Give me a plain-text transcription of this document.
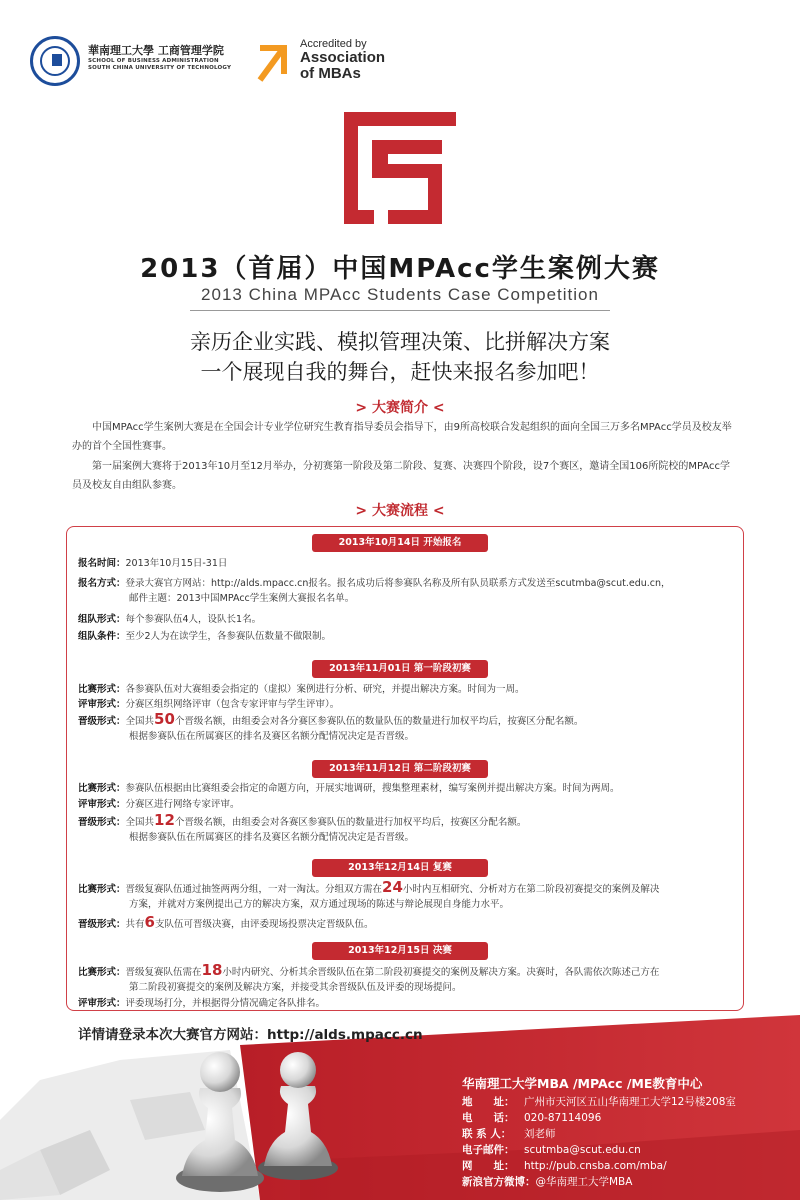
華南理工大學 工商管理学院
SCHOOL OF BUSINESS ADMINISTRATION
SOUTH CHINA UNIVERSITY OF TECHNOLOGY
Accredited by
Association
of MBAs
2013（首届）中国MPAcc学生案例大赛
2013 China MPAcc Students Case Competition
亲历企业实践、模拟管理决策、比拼解决方案
一个展现自我的舞台，赶快来报名参加吧！
> 大赛简介 <
中国MPAcc学生案例大赛是在全国会计专业学位研究生教育指导委员会指导下，由9所高校联合发起组织的面向全国三万多名MPAcc学员及校友举办的首个全国性赛事。
第一届案例大赛将于2013年10月至12月举办，分初赛第一阶段及第二阶段、复赛、决赛四个阶段，设7个赛区，邀请全国106所院校的MPAcc学员及校友自由组队参赛。
> 大赛流程 <
2013年10月14日 开始报名
报名时间：2013年10月15日-31日
报名方式：登录大赛官方网站：http://alds.mpacc.cn报名。报名成功后将参赛队名称及所有队员联系方式发送至scutmba@scut.edu.cn，
邮件主题：2013中国MPAcc学生案例大赛报名名单。
组队形式：每个参赛队伍4人，设队长1名。
组队条件：至少2人为在读学生，各参赛队伍数量不做限制。
2013年11月01日 第一阶段初赛
比赛形式：各参赛队伍对大赛组委会指定的（虚拟）案例进行分析、研究，并提出解决方案。时间为一周。
评审形式：分赛区组织网络评审（包含专家评审与学生评审）。
晋级形式：全国共50个晋级名额，由组委会对各分赛区参赛队伍的数量队伍的数量进行加权平均后，按赛区分配名额。
根据参赛队伍在所属赛区的排名及赛区名额分配情况决定是否晋级。
2013年11月12日 第二阶段初赛
比赛形式：参赛队伍根据由比赛组委会指定的命题方向，开展实地调研，搜集整理素材，编写案例并提出解决方案。时间为两周。
评审形式：分赛区进行网络专家评审。
晋级形式：全国共12个晋级名额，由组委会对各赛区参赛队伍的数量进行加权平均后，按赛区分配名额。
根据参赛队伍在所属赛区的排名及赛区名额分配情况决定是否晋级。
2013年12月14日 复赛
比赛形式：晋级复赛队伍通过抽签两两分组，一对一淘汰。分组双方需在24小时内互相研究、分析对方在第二阶段初赛提交的案例及解决
方案，并就对方案例提出己方的解决方案，双方通过现场的陈述与辩论展现自身能力水平。
晋级形式：共有6支队伍可晋级决赛，由评委现场投票决定晋级队伍。
2013年12月15日 决赛
比赛形式：晋级复赛队伍需在18小时内研究、分析其余晋级队伍在第二阶段初赛提交的案例及解决方案。决赛时，各队需依次陈述己方在
第二阶段初赛提交的案例及解决方案，并接受其余晋级队伍及评委的现场提问。
评审形式：评委现场打分，并根据得分情况确定各队排名。
详情请登录本次大赛官方网站：http://alds.mpacc.cn
华南理工大学MBA /MPAcc /ME教育中心
地　　址： 广州市天河区五山华南理工大学12号楼208室
电　　话： 020-87114096
联 系 人： 刘老师
电子邮件： scutmba@scut.edu.cn
网　　址： http://pub.cnsba.com/mba/
新浪官方微博：@华南理工大学MBA
